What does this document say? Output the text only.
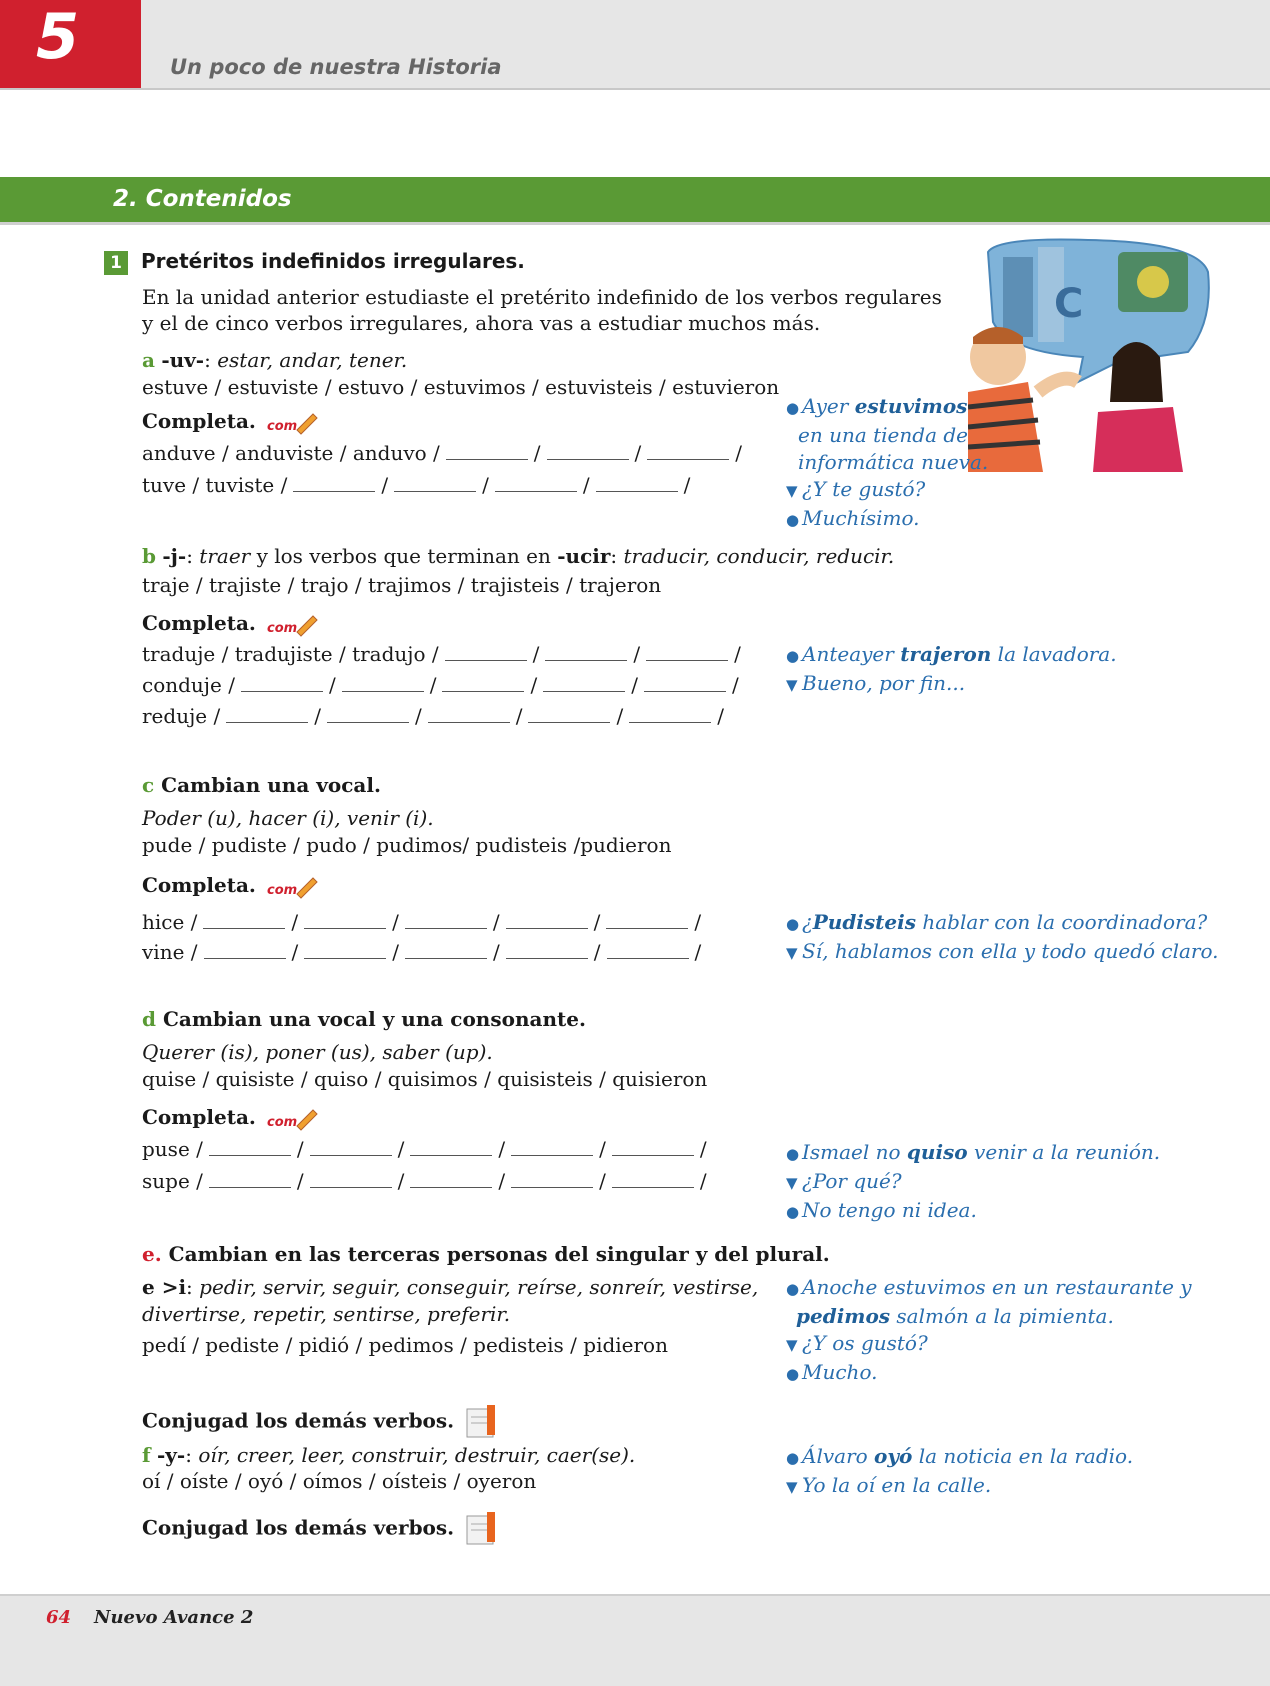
5	Un poco de nuestra Historia
2. Contenidos
1 Pretéritos indefinidos irregulares.
En la unidad anterior estudiaste el pretérito indefinido de los verbos regulares
y el de cinco verbos irregulares, ahora vas a estudiar muchos más.	C
a -uv-: estar, andar, tener.
estuve / estuviste / estuvo / estuvimos / estuvisteis / estuvieron
Completa. com
anduve / anduviste / anduvo /	/	/	/
tuve / tuviste /	/	/	/	/
● Ayer estuvimos
en una tienda de
informática nueva.
▼ ¿Y te gustó?
● Muchísimo.
b -j-: traer y los verbos que terminan en -ucir: traducir, conducir, reducir.
traje / trajiste / trajo / trajimos / trajisteis / trajeron
Completa. com
traduje / tradujiste / tradujo /	/	/	/
conduje /	/	/	/	/	/
reduje /	/	/	/	/	/
● Anteayer trajeron la lavadora.
▼ Bueno, por fin...
c Cambian una vocal.
Poder (u), hacer (i), venir (i).
pude / pudiste / pudo / pudimos/ pudisteis /pudieron
Completa. com
hice /	/	/	/	/	/
vine /	/	/	/	/	/
● ¿Pudisteis hablar con la coordinadora?
▼ Sí, hablamos con ella y todo quedó claro.
d Cambian una vocal y una consonante.
Querer (is), poner (us), saber (up).
quise / quisiste / quiso / quisimos / quisisteis / quisieron
Completa. com
puse /	/	/	/	/	/
supe /	/	/	/	/	/
● Ismael no quiso venir a la reunión.
▼ ¿Por qué?
● No tengo ni idea.
e. Cambian en las terceras personas del singular y del plural.
e >i: pedir, servir, seguir, conseguir, reírse, sonreír, vestirse,
divertirse, repetir, sentirse, preferir.
pedí / pediste / pidió / pedimos / pedisteis / pidieron
● Anoche estuvimos en un restaurante y
pedimos salmón a la pimienta.
▼ ¿Y os gustó?
● Mucho.
Conjugad los demás verbos.
f -y-: oír, creer, leer, construir, destruir, caer(se).
oí / oíste / oyó / oímos / oísteis / oyeron
● Álvaro oyó la noticia en la radio.
▼ Yo la oí en la calle.
Conjugad los demás verbos.
64 Nuevo Avance 2
